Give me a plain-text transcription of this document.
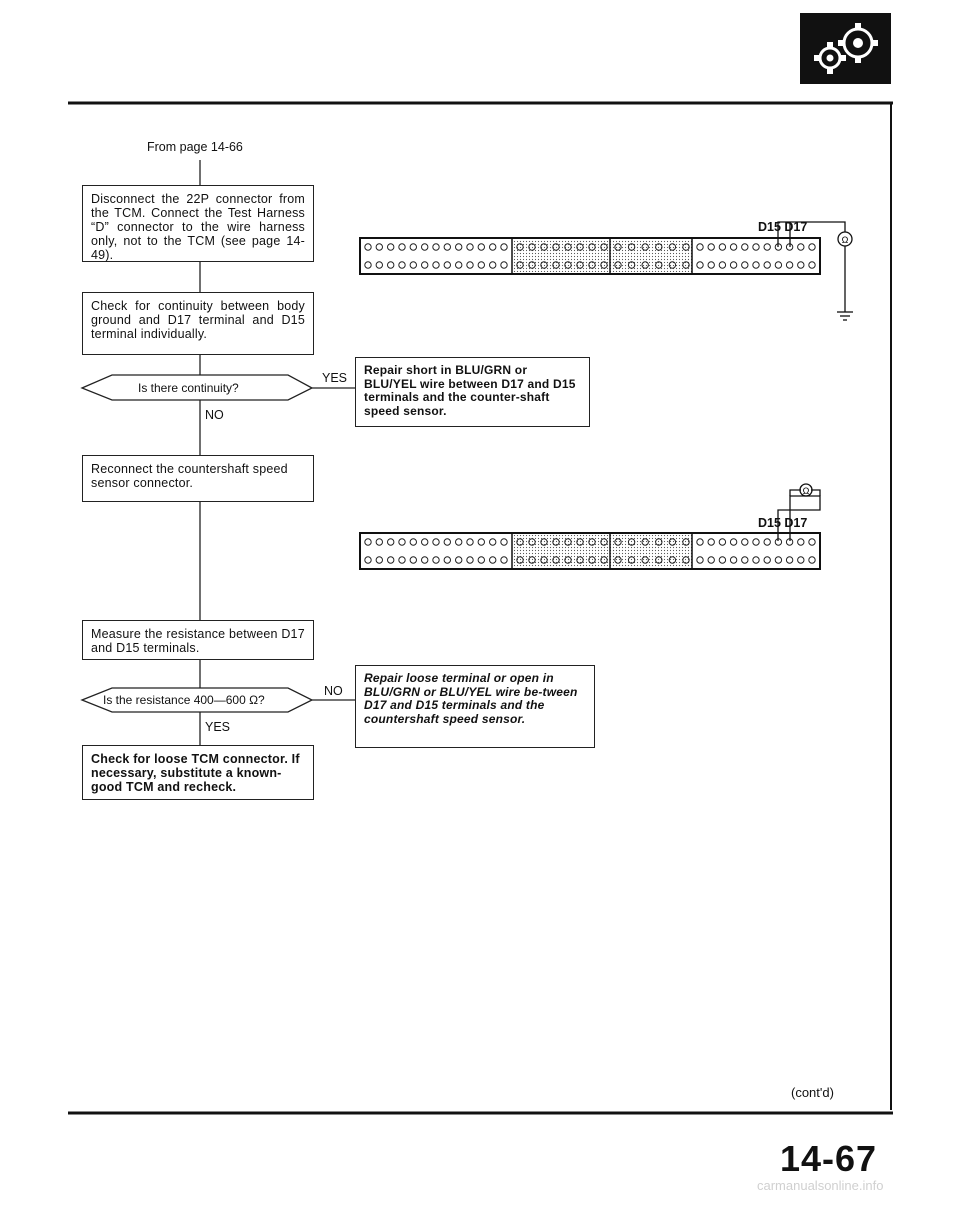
From page 14-66
Disconnect the 22P connector from the TCM. Connect the Test Harness “D” connector to the wire harness only, not to the TCM (see page 14-49).
Check for continuity between body ground and D17 terminal and D15 terminal individually.
Is there continuity?
YES
NO
Repair short in BLU/GRN or BLU/YEL wire between D17 and D15 terminals and the counter-shaft speed sensor.
Reconnect the countershaft speed sensor connector.
Measure the resistance between D17 and D15 terminals.
Is the resistance 400—600 Ω?
NO
YES
Repair loose terminal or open in BLU/GRN or BLU/YEL wire be-tween D17 and D15 terminals and the countershaft speed sensor.
Check for loose TCM connector. If necessary, substitute a known-good TCM and recheck.
Ω
Ω
D15 D17
D15 D17
(cont'd)
14-67
carmanualsonline.info
